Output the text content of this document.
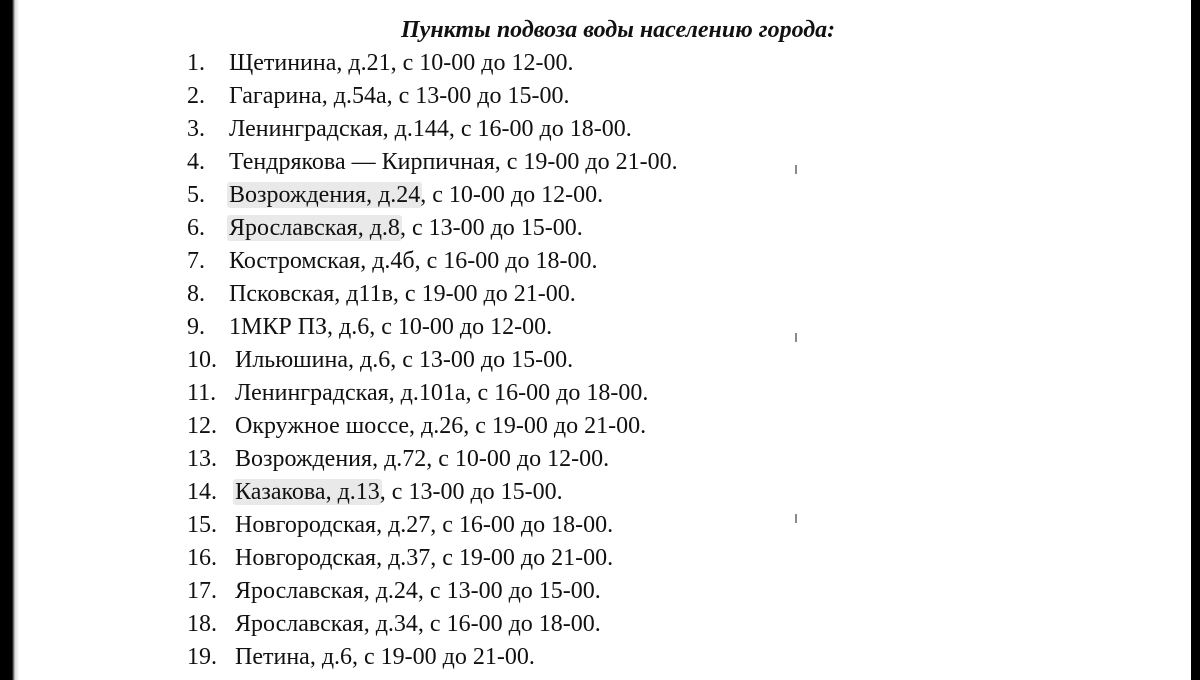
Пункты подвоза воды населению города:
1. Щетинина, д.21, с 10-00 до 12-00.
2. Гагарина, д.54а, с 13-00 до 15-00.
3. Ленинградская, д.144, с 16-00 до 18-00.
4. Тендрякова — Кирпичная, с 19-00 до 21-00.
5. Возрождения, д.24, с 10-00 до 12-00.
6. Ярославская, д.8, с 13-00 до 15-00.
7. Костромская, д.4б, с 16-00 до 18-00.
8. Псковская, д11в, с 19-00 до 21-00.
9. 1МКР ПЗ, д.6, с 10-00 до 12-00.
10. Ильюшина, д.6, с 13-00 до 15-00.
11. Ленинградская, д.101а, с 16-00 до 18-00.
12. Окружное шоссе, д.26, с 19-00 до 21-00.
13. Возрождения, д.72, с 10-00 до 12-00.
14. Казакова, д.13, с 13-00 до 15-00.
15. Новгородская, д.27, с 16-00 до 18-00.
16. Новгородская, д.37, с 19-00 до 21-00.
17. Ярославская, д.24, с 13-00 до 15-00.
18. Ярославская, д.34, с 16-00 до 18-00.
19. Петина, д.6, с 19-00 до 21-00.
